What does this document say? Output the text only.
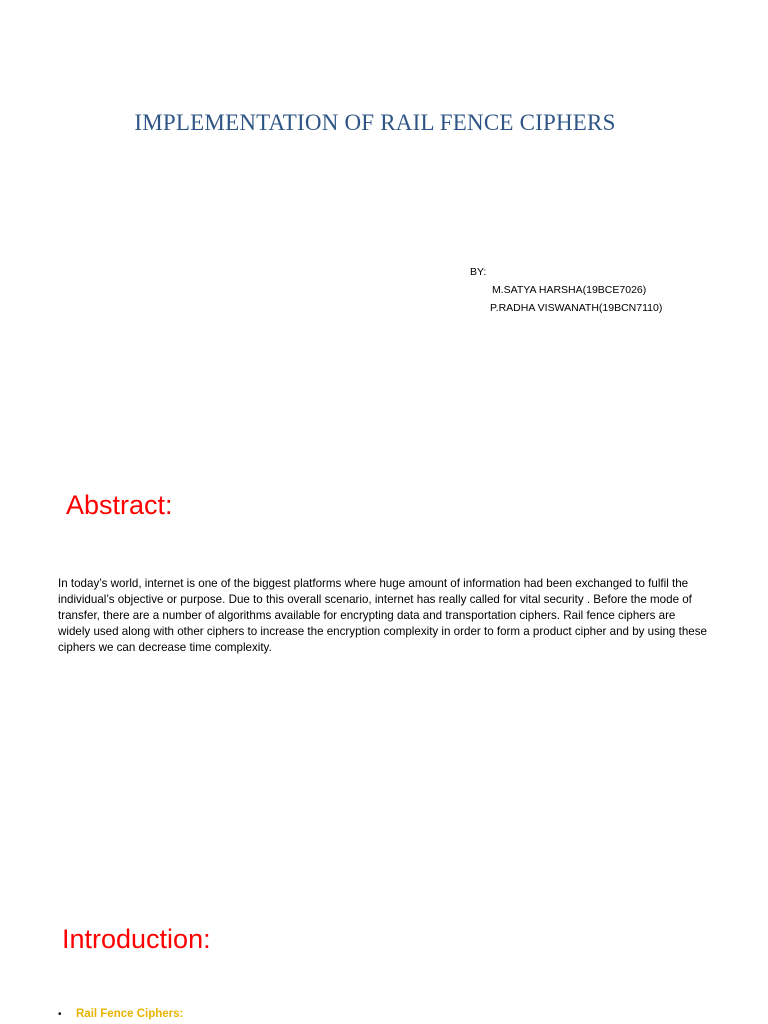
IMPLEMENTATION OF RAIL FENCE CIPHERS

BY:

M.SATYA HARSHA(19BCE7026)

P.RADHA VISWANATH(19BCN7110)

Abstract:

In today’s world, internet is one of the biggest platforms where huge amount of information had been exchanged to fulfil the individual’s objective or purpose. Due to this overall scenario, internet has really called for vital security . Before the mode of transfer, there are a number of algorithms available for encrypting data and transportation ciphers. Rail fence ciphers are widely used along with other ciphers to increase the encryption complexity in order to form a product cipher and by using these ciphers we can decrease time complexity.

Introduction:
•	Rail Fence Ciphers:
